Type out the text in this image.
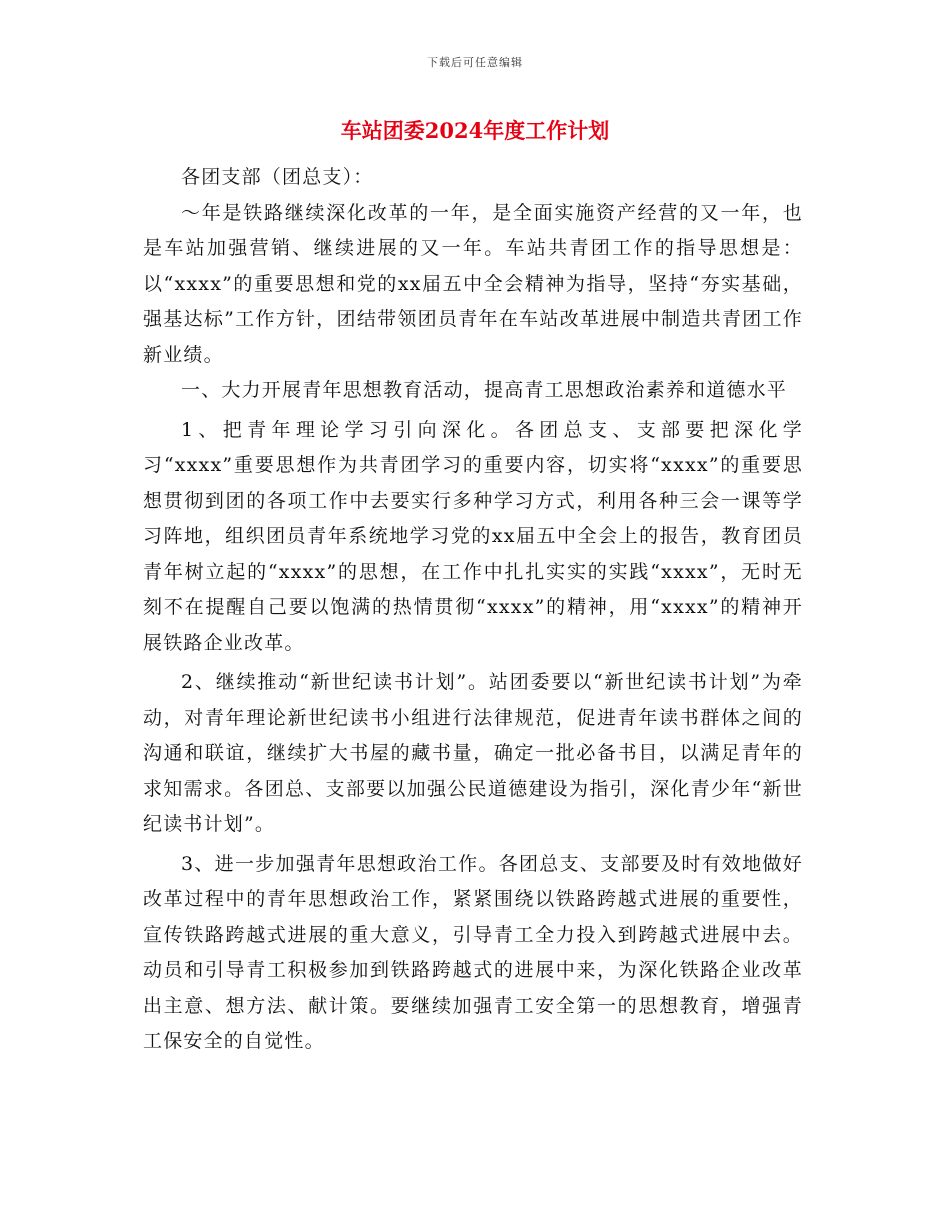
下载后可任意编辑
车站团委2024年度工作计划

各团支部（团总支）：

～年是铁路继续深化改革的一年，是全面实施资产经营的又一年，也是车站加强营销、继续进展的又一年。车站共青团工作的指导思想是：以“xxxx”的重要思想和党的xx届五中全会精神为指导，坚持“夯实基础，强基达标”工作方针，团结带领团员青年在车站改革进展中制造共青团工作新业绩。

一、大力开展青年思想教育活动，提高青工思想政治素养和道德水平

1、把青年理论学习引向深化。各团总支、支部要把深化学习“xxxx”重要思想作为共青团学习的重要内容，切实将“xxxx”的重要思想贯彻到团的各项工作中去要实行多种学习方式，利用各种三会一课等学习阵地，组织团员青年系统地学习党的xx届五中全会上的报告，教育团员青年树立起的“xxxx”的思想，在工作中扎扎实实的实践“xxxx”，无时无刻不在提醒自己要以饱满的热情贯彻“xxxx”的精神，用“xxxx”的精神开展铁路企业改革。

2、继续推动“新世纪读书计划”。站团委要以“新世纪读书计划”为牵动，对青年理论新世纪读书小组进行法律规范，促进青年读书群体之间的沟通和联谊，继续扩大书屋的藏书量，确定一批必备书目，以满足青年的求知需求。各团总、支部要以加强公民道德建设为指引，深化青少年“新世纪读书计划”。

3、进一步加强青年思想政治工作。各团总支、支部要及时有效地做好改革过程中的青年思想政治工作，紧紧围绕以铁路跨越式进展的重要性，宣传铁路跨越式进展的重大意义，引导青工全力投入到跨越式进展中去。动员和引导青工积极参加到铁路跨越式的进展中来，为深化铁路企业改革出主意、想方法、献计策。要继续加强青工安全第一的思想教育，增强青工保安全的自觉性。
